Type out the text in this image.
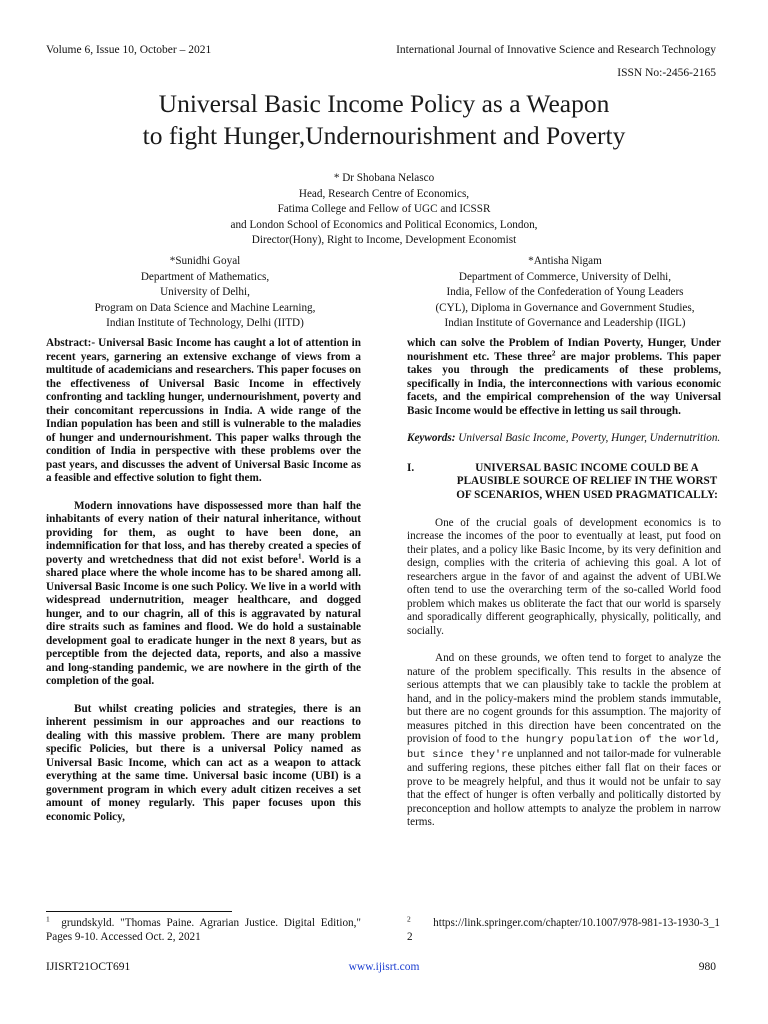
Volume 6, Issue 10, October – 2021	International Journal of Innovative Science and Research Technology
ISSN No:-2456-2165
Universal Basic Income Policy as a Weapon
to fight Hunger,Undernourishment and Poverty
* Dr Shobana Nelasco
Head, Research Centre of Economics,
Fatima College and Fellow of UGC and ICSSR
and London School of Economics and Political Economics, London,
Director(Hony), Right to Income, Development Economist
*Sunidhi Goyal
Department of Mathematics,
University of Delhi,
Program on Data Science and Machine Learning,
Indian Institute of Technology, Delhi (IITD)
*Antisha Nigam
Department of Commerce, University of Delhi,
India, Fellow of the Confederation of Young Leaders
(CYL), Diploma in Governance and Government Studies,
Indian Institute of Governance and Leadership (IIGL)

Abstract:- Universal Basic Income has caught a lot of attention in recent years, garnering an extensive exchange of views from a multitude of academicians and researchers. This paper focuses on the effectiveness of Universal Basic Income in effectively confronting and tackling hunger, undernourishment, poverty and their concomitant repercussions in India. A wide range of the Indian population has been and still is vulnerable to the maladies of hunger and undernourishment. This paper walks through the condition of India in perspective with these problems over the past years, and discusses the advent of Universal Basic Income as a feasible and effective solution to fight them.

Modern innovations have dispossessed more than half the inhabitants of every nation of their natural inheritance, without providing for them, as ought to have been done, an indemnification for that loss, and has thereby created a species of poverty and wretchedness that did not exist before$^1$. World is a shared place where the whole income has to be shared among all. Universal Basic Income is one such Policy. We live in a world with widespread undernutrition, meager healthcare, and dogged hunger, and to our chagrin, all of this is aggravated by natural dire straits such as famines and flood. We do hold a sustainable development goal to eradicate hunger in the next 8 years, but as perceptible from the dejected data, reports, and also a massive and long-standing pandemic, we are nowhere in the girth of the completion of the goal.

But whilst creating policies and strategies, there is an inherent pessimism in our approaches and our reactions to dealing with this massive problem. There are many problem specific Policies, but there is a universal Policy named as Universal Basic Income, which can act as a weapon to attack everything at the same time. Universal basic income (UBI) is a government program in which every adult citizen receives a set amount of money regularly. This paper focuses upon this economic Policy,

$^1$ grundskyld. "Thomas Paine. Agrarian Justice. Digital Edition," Pages 9-10. Accessed Oct. 2, 2021

which can solve the Problem of Indian Poverty, Hunger, Under nourishment etc. These three$^2$ are major problems. This paper takes you through the predicaments of these problems, specifically in India, the interconnections with various economic facets, and the empirical comprehension of the way Universal Basic Income would be effective in letting us sail through.

Keywords: Universal Basic Income, Poverty, Hunger, Undernutrition.

I.	UNIVERSAL BASIC INCOME COULD BE A PLAUSIBLE SOURCE OF RELIEF IN THE WORST OF SCENARIOS, WHEN USED PRAGMATICALLY:

One of the crucial goals of development economics is to increase the incomes of the poor to eventually at least, put food on their plates, and a policy like Basic Income, by its very definition and design, complies with the criteria of achieving this goal. A lot of researchers argue in the favor of and against the advent of UBI.We often tend to use the overarching term of the so-called World food problem which makes us obliterate the fact that our world is sparsely and sporadically different geographically, physically, politically, and socially.

And on these grounds, we often tend to forget to analyze the nature of the problem specifically. This results in the absence of serious attempts that we can plausibly take to tackle the problem at hand, and in the policy-makers mind the problem stands immutable, but there are no cogent grounds for this assumption. The majority of measures pitched in this direction have been concentrated on the provision of food to the hungry population of the world, but since they're unplanned and not tailor-made for vulnerable and suffering regions, these pitches either fall flat on their faces or prove to be meagrely helpful, and thus it would not be unfair to say that the effect of hunger is often verbally and politically distorted by preconception and hollow attempts to analyze the problem in narrow terms.

$^2$ https://link.springer.com/chapter/10.1007/978-981-13-1930-3_12
IJISRT21OCT691	www.ijisrt.com	980
